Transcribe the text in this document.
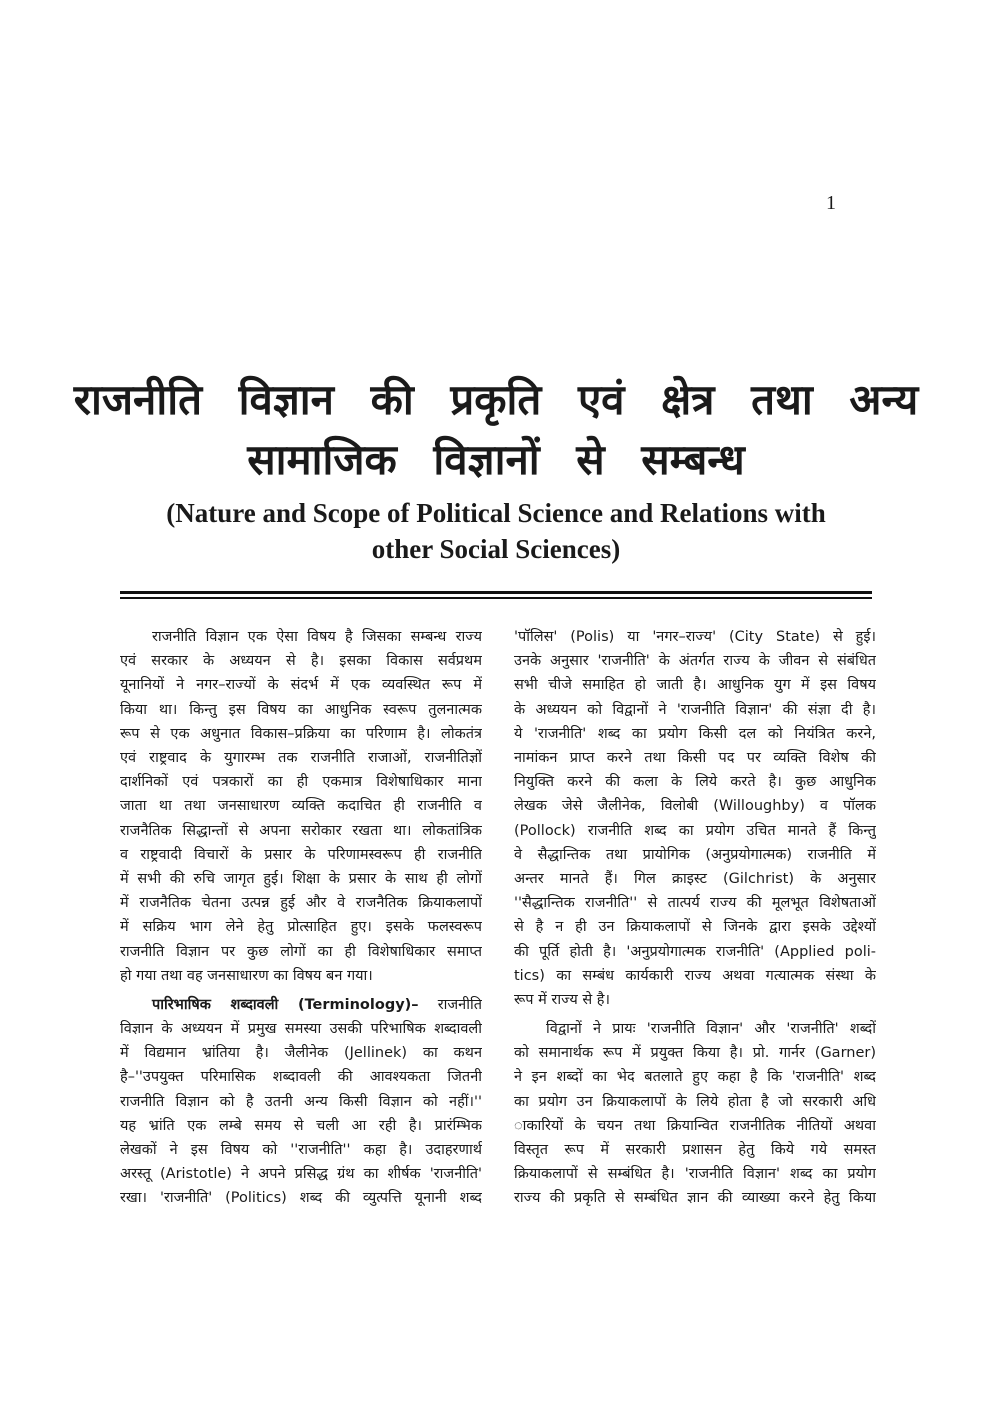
1
राजनीति विज्ञान की प्रकृति एवं क्षेत्र तथा अन्य
सामाजिक विज्ञानों से सम्बन्ध
(Nature and Scope of Political Science and Relations with
other Social Sciences)
राजनीति विज्ञान एक ऐसा विषय है जिसका सम्बन्ध राज्य
एवं सरकार के अध्ययन से है। इसका विकास सर्वप्रथम
यूनानियों ने नगर–राज्यों के संदर्भ में एक व्यवस्थित रूप में
किया था। किन्तु इस विषय का आधुनिक स्वरूप तुलनात्मक
रूप से एक अधुनात विकास–प्रक्रिया का परिणाम है। लोकतंत्र
एवं राष्ट्रवाद के युगारम्भ तक राजनीति राजाओं, राजनीतिज्ञों
दार्शनिकों एवं पत्रकारों का ही एकमात्र विशेषाधिकार माना
जाता था तथा जनसाधारण व्यक्ति कदाचित ही राजनीति व
राजनैतिक सिद्धान्तों से अपना सरोकार रखता था। लोकतांत्रिक
व राष्ट्रवादी विचारों के प्रसार के परिणामस्वरूप ही राजनीति
में सभी की रुचि जागृत हुई। शिक्षा के प्रसार के साथ ही लोगों
में राजनैतिक चेतना उत्पन्न हुई और वे राजनैतिक क्रियाकलापों
में सक्रिय भाग लेने हेतु प्रोत्साहित हुए। इसके फलस्वरूप
राजनीति विज्ञान पर कुछ लोगों का ही विशेषाधिकार समाप्त
हो गया तथा वह जनसाधारण का विषय बन गया।
पारिभाषिक शब्दावली (Terminology)– राजनीति
विज्ञान के अध्ययन में प्रमुख समस्या उसकी परिभाषिक शब्दावली
में विद्यमान भ्रांतिया है। जैलीनेक (Jellinek) का कथन
है–''उपयुक्त परिमासिक शब्दावली की आवश्यकता जितनी
राजनीति विज्ञान को है उतनी अन्य किसी विज्ञान को नहीं।''
यह भ्रांति एक लम्बे समय से चली आ रही है। प्रारंम्भिक
लेखकों ने इस विषय को ''राजनीति'' कहा है। उदाहरणार्थ
अरस्तू (Aristotle) ने अपने प्रसिद्ध ग्रंथ का शीर्षक 'राजनीति'
रखा। 'राजनीति' (Politics) शब्द की व्युत्पत्ति यूनानी शब्द
'पॉलिस' (Polis) या 'नगर–राज्य' (City State) से हुई।
उनके अनुसार 'राजनीति' के अंतर्गत राज्य के जीवन से संबंधित
सभी चीजे समाहित हो जाती है। आधुनिक युग में इस विषय
के अध्ययन को विद्वानों ने 'राजनीति विज्ञान' की संज्ञा दी है।
ये 'राजनीति' शब्द का प्रयोग किसी दल को नियंत्रित करने,
नामांकन प्राप्त करने तथा किसी पद पर व्यक्ति विशेष की
नियुक्ति करने की कला के लिये करते है। कुछ आधुनिक
लेखक जेसे जैलीनेक, विलोबी (Willoughby) व पॉलक
(Pollock) राजनीति शब्द का प्रयोग उचित मानते हैं किन्तु
वे सैद्धान्तिक तथा प्रायोगिक (अनुप्रयोगात्मक) राजनीति में
अन्तर मानते हैं। गिल क्राइस्ट (Gilchrist) के अनुसार
''सैद्धान्तिक राजनीति'' से तात्पर्य राज्य की मूलभूत विशेषताओं
से है न ही उन क्रियाकलापों से जिनके द्वारा इसके उद्देश्यों
की पूर्ति होती है। 'अनुप्रयोगात्मक राजनीति' (Applied poli-
tics) का सम्बंध कार्यकारी राज्य अथवा गत्यात्मक संस्था के
रूप में राज्य से है।
विद्वानों ने प्रायः 'राजनीति विज्ञान' और 'राजनीति' शब्दों
को समानार्थक रूप में प्रयुक्त किया है। प्रो. गार्नर (Garner)
ने इन शब्दों का भेद बतलाते हुए कहा है कि 'राजनीति' शब्द
का प्रयोग उन क्रियाकलापों के लिये होता है जो सरकारी अधि
ाकारियों के चयन तथा क्रियान्वित राजनीतिक नीतियों अथवा
विस्तृत रूप में सरकारी प्रशासन हेतु किये गये समस्त
क्रियाकलापों से सम्बंधित है। 'राजनीति विज्ञान' शब्द का प्रयोग
राज्य की प्रकृति से सम्बंधित ज्ञान की व्याख्या करने हेतु किया
